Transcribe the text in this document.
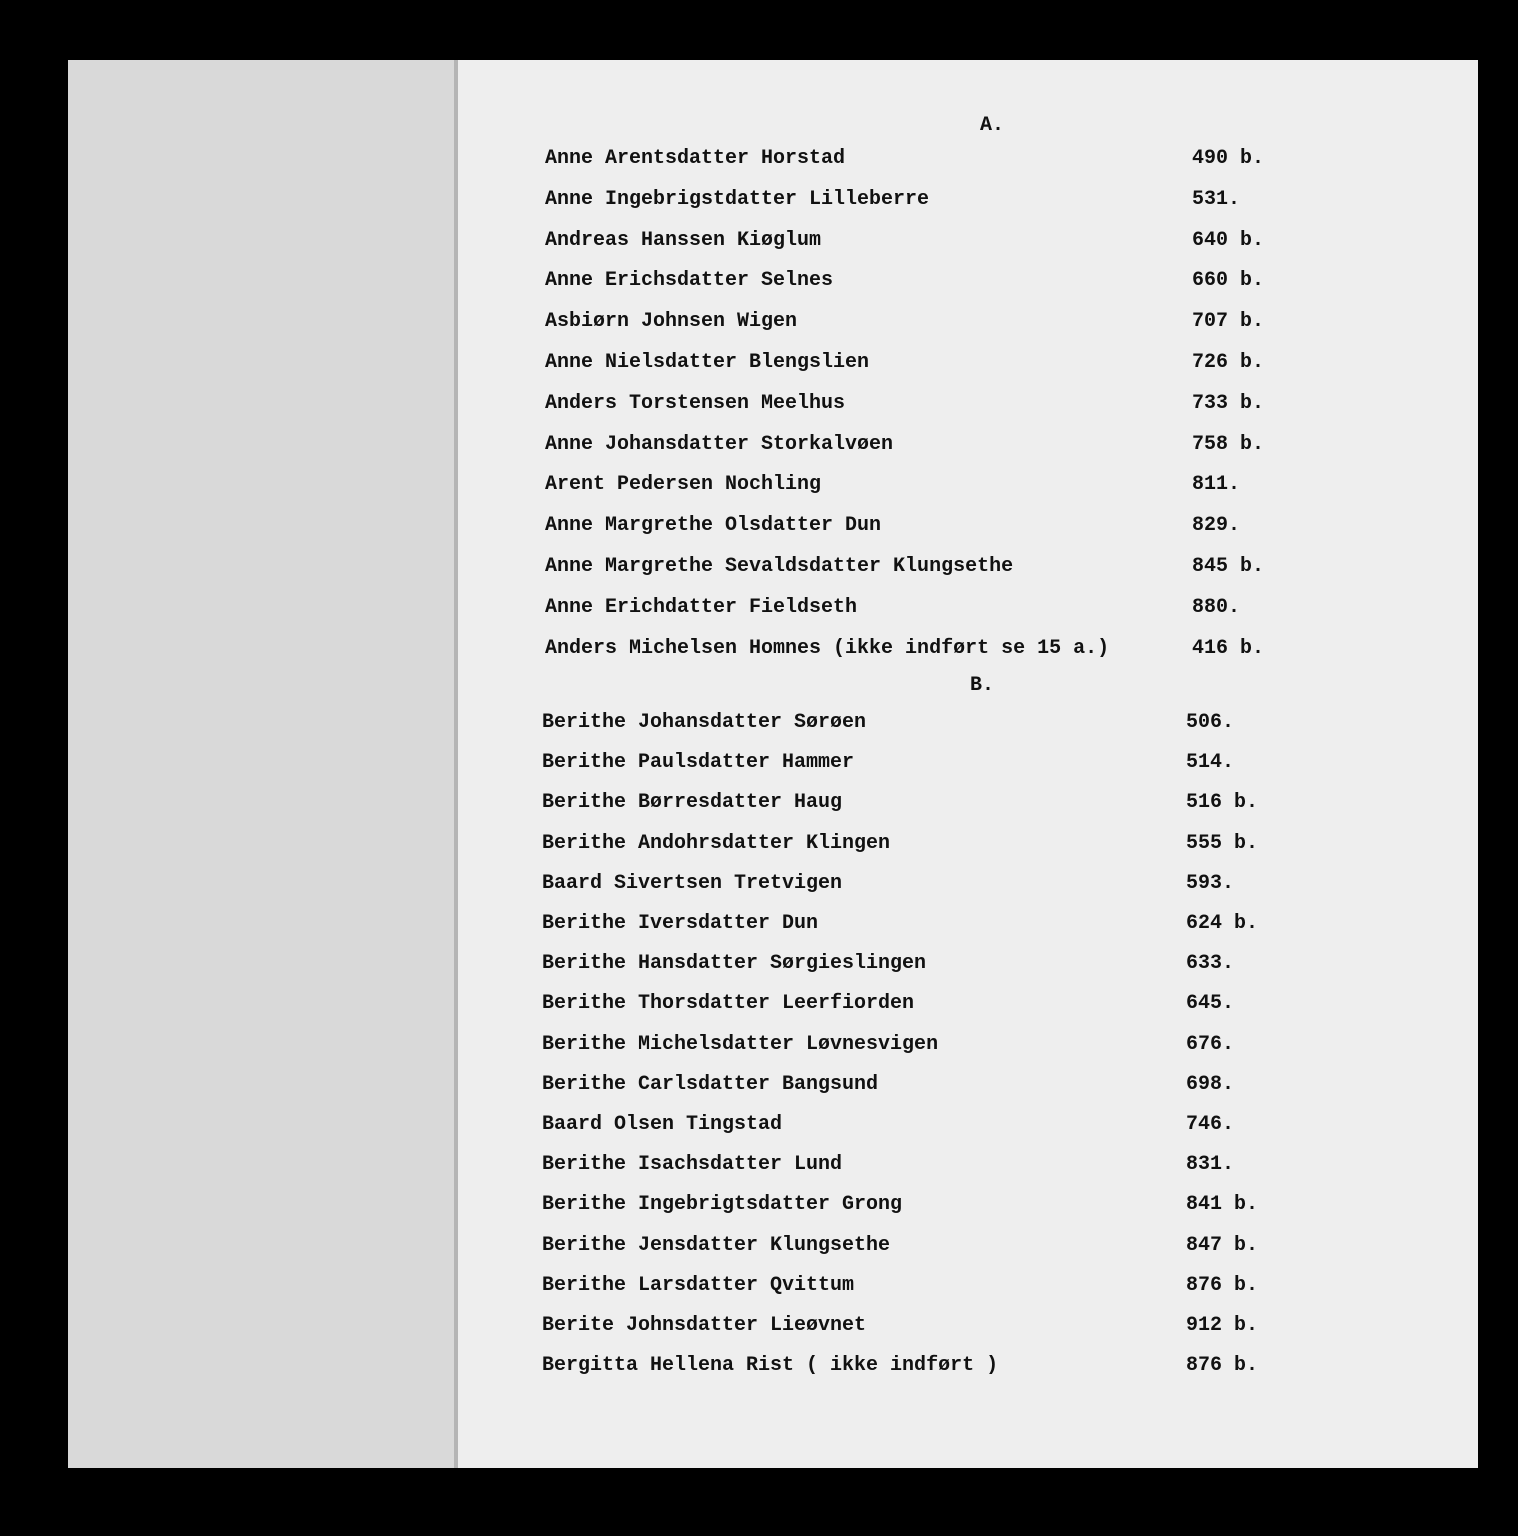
A.
Anne Arentsdatter Horstad	490 b.
Anne Ingebrigstdatter Lilleberre	531.
Andreas Hanssen Kiøglum	640 b.
Anne Erichsdatter Selnes	660 b.
Asbiørn Johnsen Wigen	707 b.
Anne Nielsdatter Blengslien	726 b.
Anders Torstensen Meelhus	733 b.
Anne Johansdatter Storkalvøen	758 b.
Arent Pedersen Nochling	811.
Anne Margrethe Olsdatter Dun	829.
Anne Margrethe Sevaldsdatter Klungsethe	845 b.
Anne Erichdatter Fieldseth	880.
Anders Michelsen Homnes (ikke indført se 15 a.)	416 b.
B.
Berithe Johansdatter Sørøen	506.
Berithe Paulsdatter Hammer	514.
Berithe Børresdatter Haug	516 b.
Berithe Andohrsdatter Klingen	555 b.
Baard Sivertsen Tretvigen	593.
Berithe Iversdatter Dun	624 b.
Berithe Hansdatter Sørgieslingen	633.
Berithe Thorsdatter Leerfiorden	645.
Berithe Michelsdatter Løvnesvigen	676.
Berithe Carlsdatter Bangsund	698.
Baard Olsen Tingstad	746.
Berithe Isachsdatter Lund	831.
Berithe Ingebrigtsdatter Grong	841 b.
Berithe Jensdatter Klungsethe	847 b.
Berithe Larsdatter Qvittum	876 b.
Berite Johnsdatter Lieøvnet	912 b.
Bergitta Hellena Rist ( ikke indført )	876 b.
